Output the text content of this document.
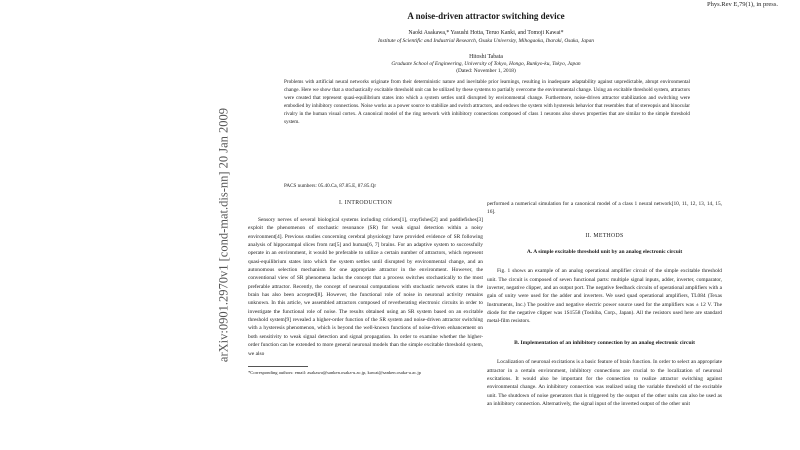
arXiv:0901.2970v1 [cond-mat.dis-nn] 20 Jan 2009
Phys.Rev E,79(1), in press.
A noise-driven attractor switching device
Naoki Asakawa,* Yasushi Hotta, Teruo Kanki, and Tomoji Kawai*
Institute of Scientific and Industrial Research, Osaka University, Mihogaoka, Ibaraki, Osaka, Japan
Hitoshi Tabata
Graduate School of Engineering, University of Tokyo, Hongo, Bunkyo-ku, Tokyo, Japan
(Dated: November 1, 2018)
Problems with artificial neural networks originate from their deterministic nature and inevitable prior learnings, resulting in inadequate adaptability against unpredictable, abrupt environmental change. Here we show that a stochastically excitable threshold unit can be utilized by these systems to partially overcome the environmental change. Using an excitable threshold system, attractors were created that represent quasi-equilibrium states into which a system settles until disrupted by environmental change. Furthermore, noise-driven attractor stabilization and switching were embodied by inhibitory connections. Noise works as a power source to stabilize and switch attractors, and endows the system with hysteresis behavior that resembles that of stereopsis and binocular rivalry in the human visual cortex. A canonical model of the ring network with inhibitory connections composed of class 1 neurons also shows properties that are similar to the simple threshold system.
PACS numbers: 05.40.Ca, 87.85.E, 87.85.Qr
I. INTRODUCTION

Sensory nerves of several biological systems including crickets[1], crayfishes[2] and paddlefishes[3] exploit the phenomenon of stochastic resonance (SR) for weak signal detection within a noisy environment[4]. Previous studies concerning cerebral physiology have provided evidence of SR following analysis of hippocampal slices from rat[5] and human[6, 7] brains. For an adaptive system to successfully operate in an environment, it would be preferable to utilize a certain number of attractors, which represent quasi-equilibrium states into which the system settles until disrupted by environmental change, and an autonomous selection mechanism for one appropriate attractor in the environment. However, the conventional view of SR phenomena lacks the concept that a process switches stochastically to the most preferable attractor. Recently, the concept of neuronal computations with stochastic network states in the brain has also been accepted[8]. However, the functional role of noise in neuronal activity remains unknown. In this article, we assembled attractors composed of reverberating electronic circuits in order to investigate the functional role of noise. The results obtained using an SR system based on an excitable threshold system[9] revealed a higher-order function of the SR system and noise-driven attractor switching with a hysteresis phenomenon, which is beyond the well-known functions of noise-driven enhancement on both sensitivity to weak signal detection and signal propagation. In order to examine whether the higher-order function can be extended to more general neuronal models than the simple excitable threshold system, we also

*Corresponding authors: email: asakawa@sanken.osaka-u.ac.jp, kawai@sanken.osaka-u.ac.jp

performed a numerical simulation for a canonical model of a class 1 neural network[10, 11, 12, 13, 14, 15, 16].

II. METHODS
A. A simple excitable threshold unit by an analog electronic circuit

Fig. 1 shows an example of an analog operational amplifier circuit of the simple excitable threshold unit. The circuit is composed of seven functional parts: multiple signal inputs, adder, inverter, comparator, inverter, negative clipper, and an output port. The negative feedback circuits of operational amplifiers with a gain of unity were used for the adder and inverters. We used quad operational amplifiers, TL084 (Texas Instruments, Inc.) The positive and negative electric power source used for the amplifiers was ± 12 V. The diode for the negative clipper was 1S1558 (Toshiba, Corp., Japan). All the resistors used here are standard metal-film resistors.

B. Implementation of an inhibitory connection by an analog electronic circuit

Localization of neuronal excitations is a basic feature of brain function. In order to select an appropriate attractor in a certain environment, inhibitory connections are crucial to the localization of neuronal excitations. It would also be important for the connection to realize attractor switching against environmental change. An inhibitory connection was realized using the variable threshold of the excitable unit. The shutdown of noise generators that is triggered by the output of the other units can also be used as an inhibitory connection. Alternatively, the signal input of the inverted output of the other unit
